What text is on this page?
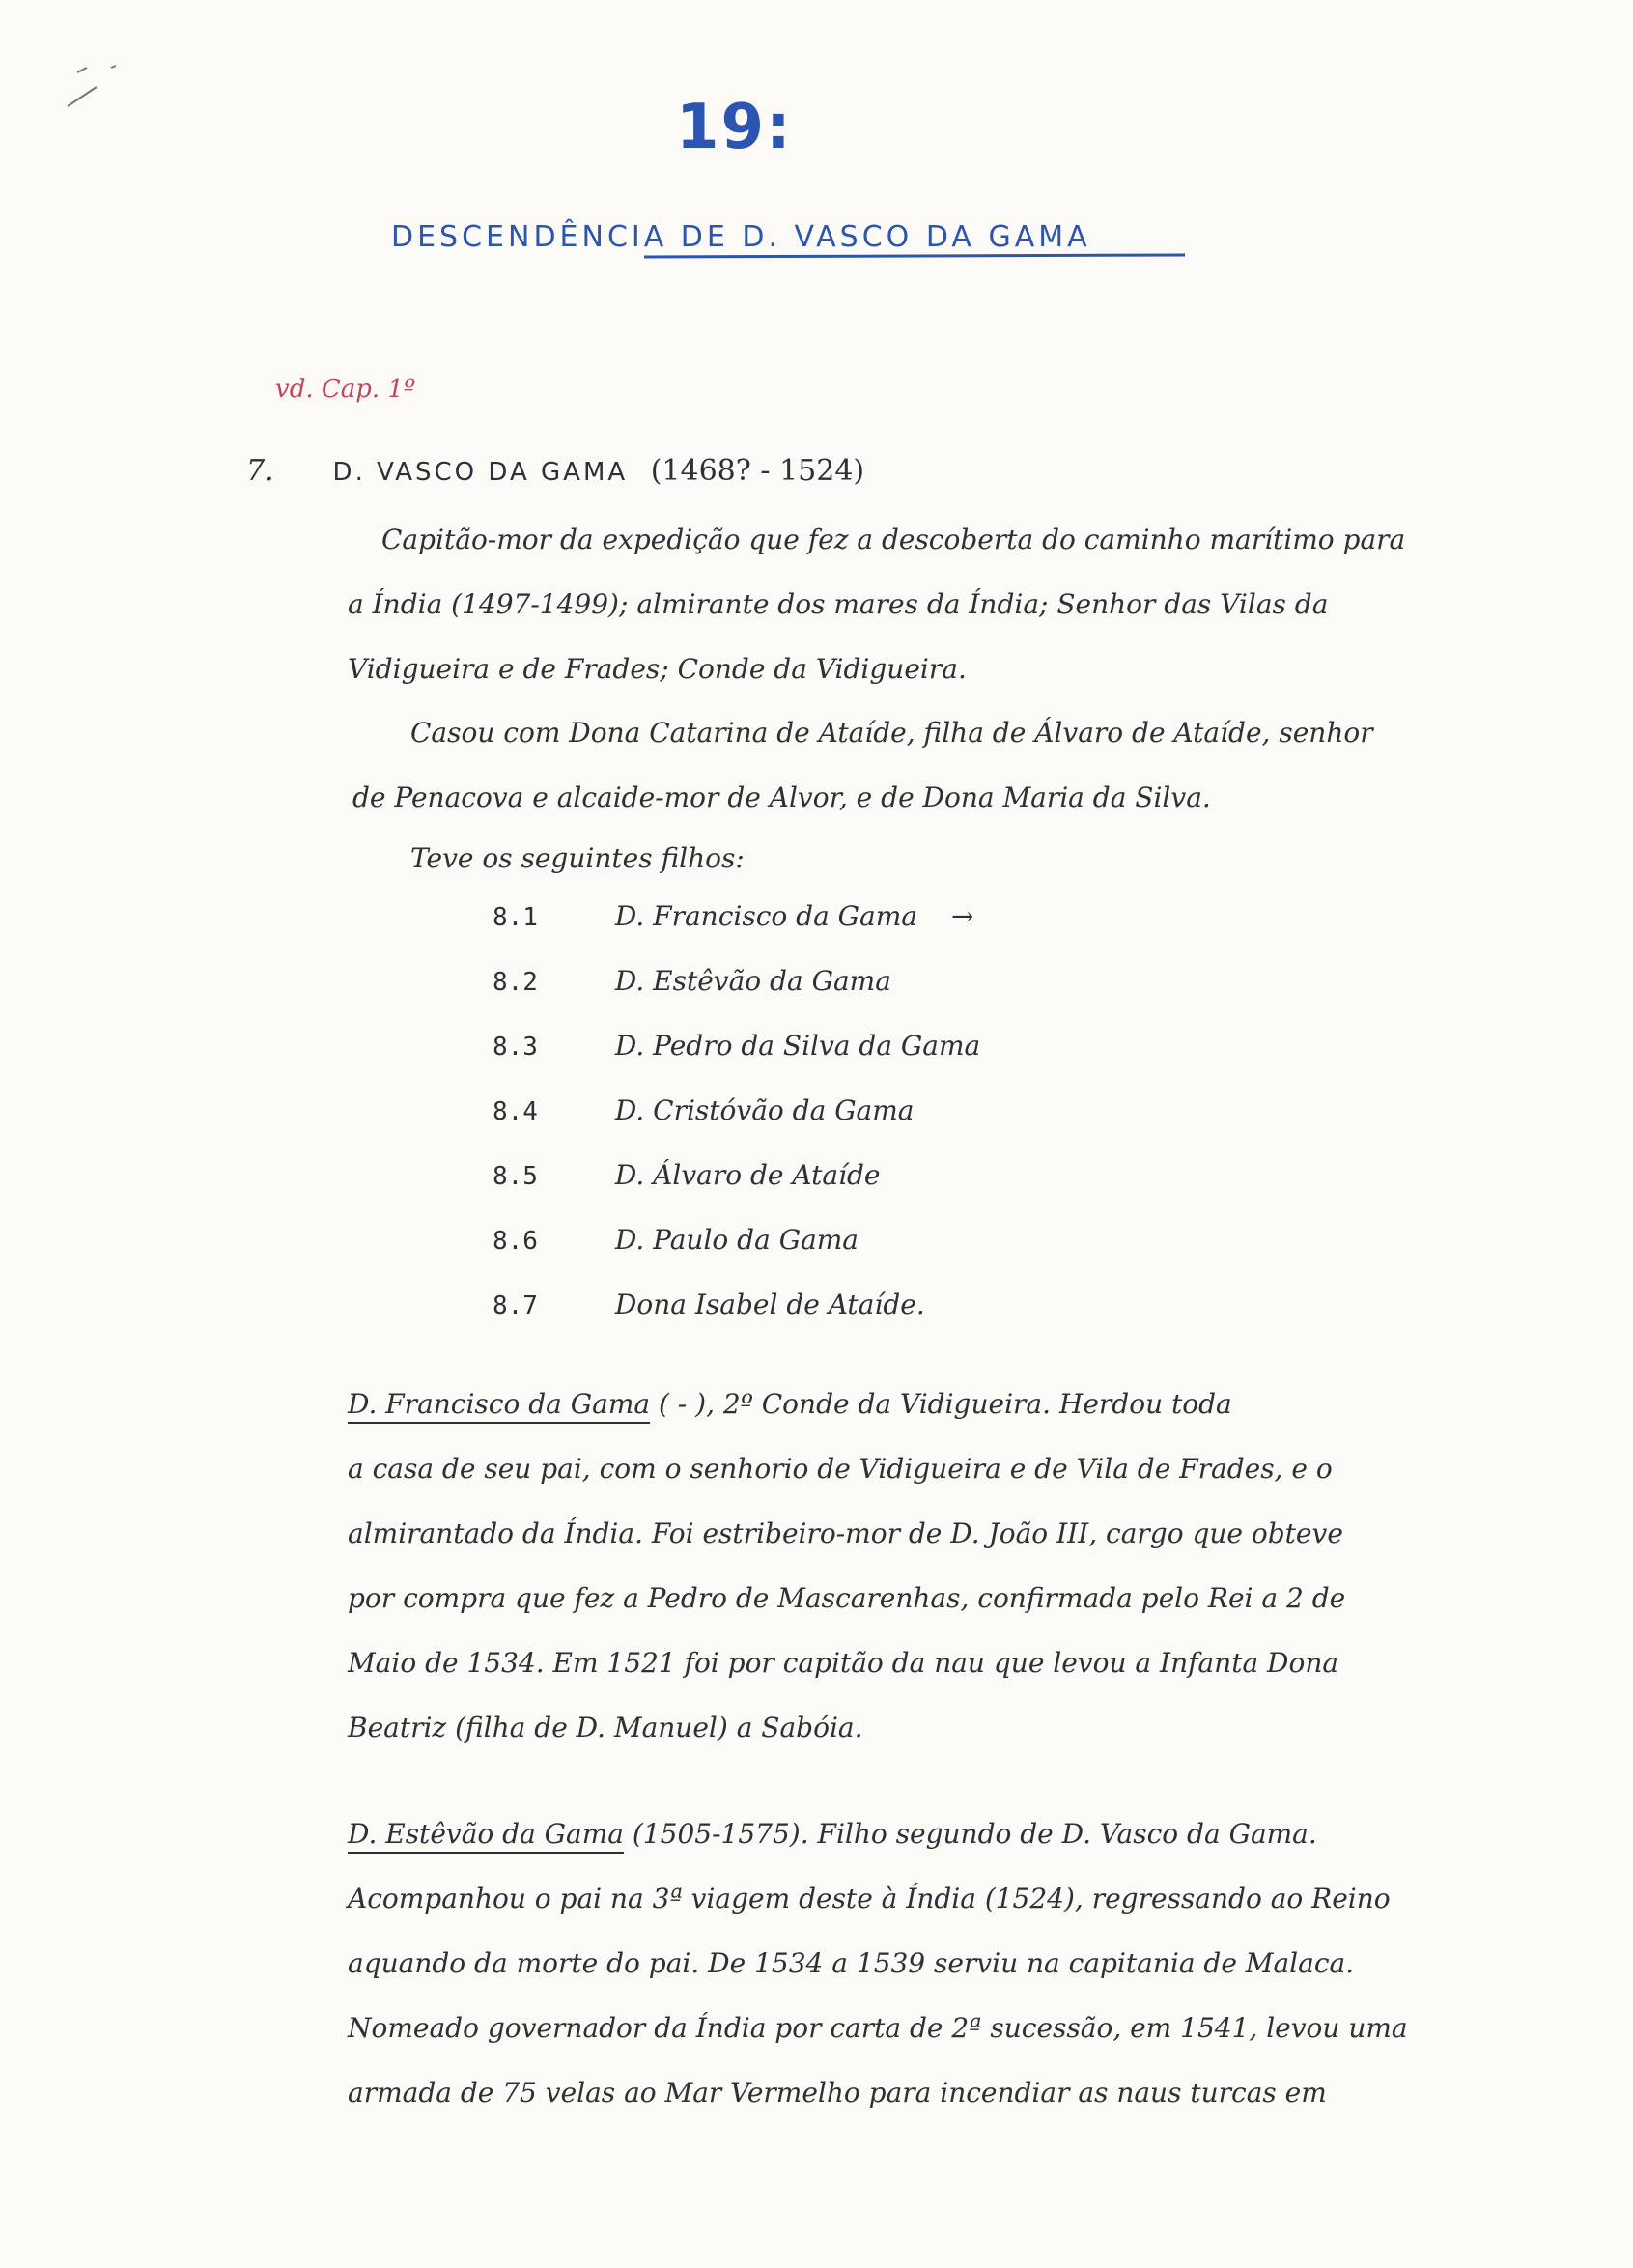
19:
DESCENDÊNCIA DE D. VASCO DA GAMA
vd. Cap. 1º
7. D. VASCO DA GAMA (1468? - 1524)
Capitão-mor da expedição que fez a descoberta do caminho marítimo para
a Índia (1497-1499); almirante dos mares da Índia; Senhor das Vilas da
Vidigueira e de Frades; Conde da Vidigueira.
Casou com Dona Catarina de Ataíde, filha de Álvaro de Ataíde, senhor
de Penacova e alcaide-mor de Alvor, e de Dona Maria da Silva.
Teve os seguintes filhos:
8.1	D. Francisco da Gama →
8.2	D. Estêvão da Gama
8.3	D. Pedro da Silva da Gama
8.4	D. Cristóvão da Gama
8.5	D. Álvaro de Ataíde
8.6	D. Paulo da Gama
8.7	Dona Isabel de Ataíde.
D. Francisco da Gama ( - ), 2º Conde da Vidigueira. Herdou toda
a casa de seu pai, com o senhorio de Vidigueira e de Vila de Frades, e o
almirantado da Índia. Foi estribeiro-mor de D. João III, cargo que obteve
por compra que fez a Pedro de Mascarenhas, confirmada pelo Rei a 2 de
Maio de 1534. Em 1521 foi por capitão da nau que levou a Infanta Dona
Beatriz (filha de D. Manuel) a Sabóia.
D. Estêvão da Gama (1505-1575). Filho segundo de D. Vasco da Gama.
Acompanhou o pai na 3ª viagem deste à Índia (1524), regressando ao Reino
aquando da morte do pai. De 1534 a 1539 serviu na capitania de Malaca.
Nomeado governador da Índia por carta de 2ª sucessão, em 1541, levou uma
armada de 75 velas ao Mar Vermelho para incendiar as naus turcas em
